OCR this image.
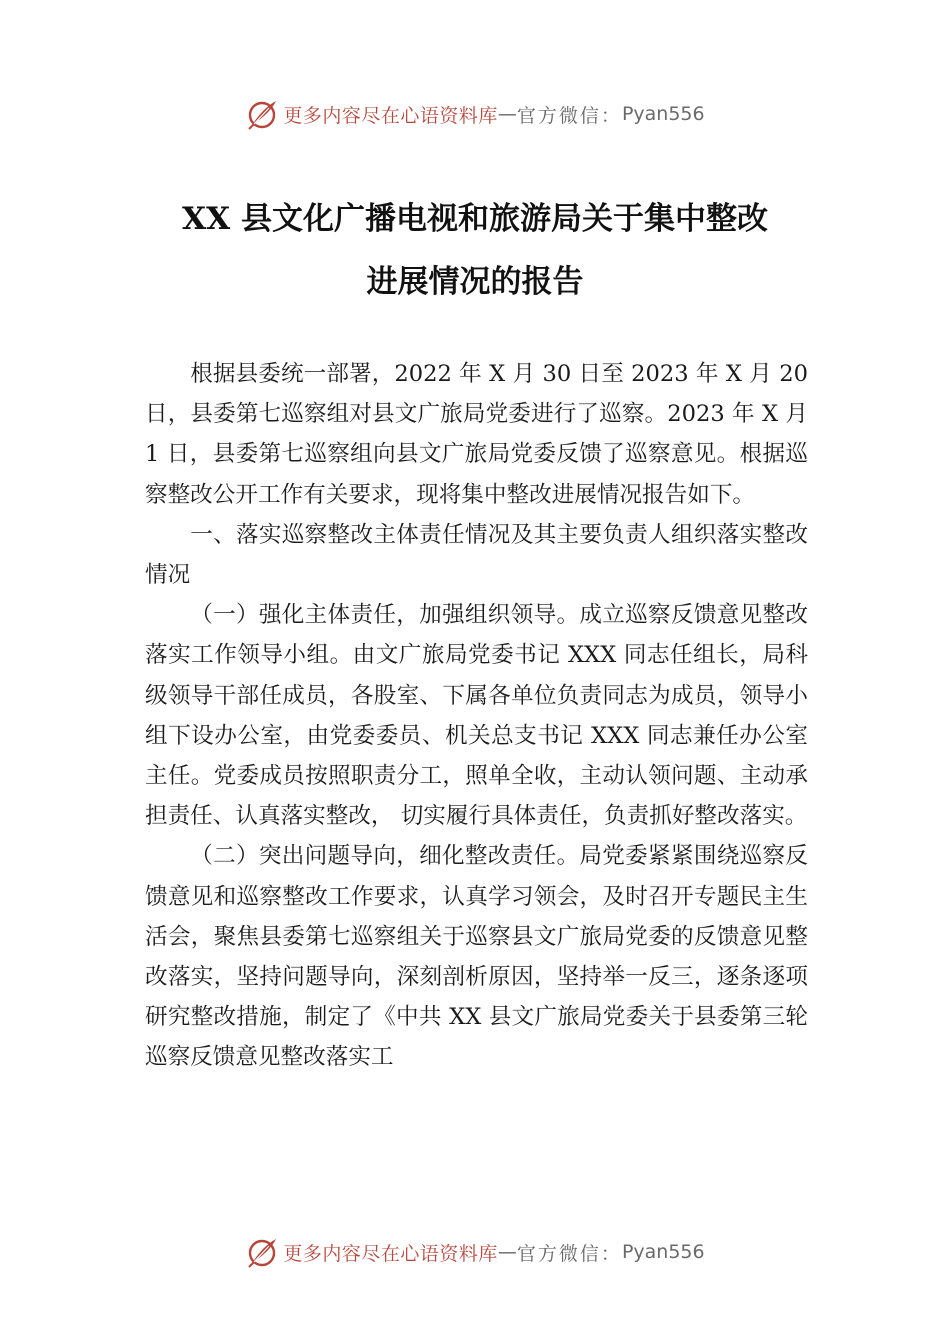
更多内容尽在心语资料库 — 官方微信： Pyan556
XX 县文化广播电视和旅游局关于集中整改
进展情况的报告

根据县委统一部署，2022 年 X 月 30 日至 2023 年 X 月 20 日，县委第七巡察组对县文广旅局党委进行了巡察。2023 年 X 月 1 日，县委第七巡察组向县文广旅局党委反馈了巡察意见。根据巡察整改公开工作有关要求，现将集中整改进展情况报告如下。

一、落实巡察整改主体责任情况及其主要负责人组织落实整改情况

（一）强化主体责任，加强组织领导。成立巡察反馈意见整改落实工作领导小组。由文广旅局党委书记 XXX 同志任组长，局科级领导干部任成员，各股室、下属各单位负责同志为成员，领导小组下设办公室，由党委委员、机关总支书记 XXX 同志兼任办公室主任。党委成员按照职责分工，照单全收，主动认领问题、主动承担责任、认真落实整改， 切实履行具体责任，负责抓好整改落实。

（二）突出问题导向，细化整改责任。局党委紧紧围绕巡察反馈意见和巡察整改工作要求，认真学习领会，及时召开专题民主生活会，聚焦县委第七巡察组关于巡察县文广旅局党委的反馈意见整改落实，坚持问题导向，深刻剖析原因，坚持举一反三，逐条逐项研究整改措施，制定了《中共 XX 县文广旅局党委关于县委第三轮巡察反馈意见整改落实工

更多内容尽在心语资料库 — 官方微信： Pyan556
